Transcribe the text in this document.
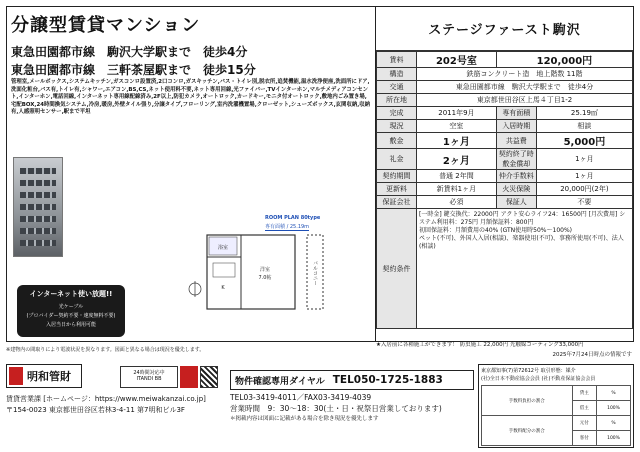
分譲型賃貸マンション
東急田園都市線　駒沢大学駅まで　徒歩4分
東急田園都市線　三軒茶屋駅まで　徒歩15分
管理室,メールボックス,システムキッチン,ガスコンロ設置済,2口コンロ,ガスキッチン,バス・トイレ別,脱衣所,追焚機能,温水洗浄便座,洗面所にドア,洗面化粧台,バス有,トイレ有,シャワー,エアコン,BS,CS,ネット使用料不要,ネット専用回線,光ファイバー,TVインターホン,マルチメディアコンセント,インターホン,電話回線,インターネット専用線配線済み,2F以上,防犯カメラ,オートロック,カードキー,モニタ付オートロック,敷地内ごみ置き場,宅配BOX,24時間換気システム,冷房,暖房,外壁タイル張り,分譲タイプ,フローリング,室内洗濯機置場,クローゼット,シューズボックス,玄関収納,収納有,人感照明センサー,駅まで平坦
インターネット使い放題!!
光ケーブル
(プロバイダー契約不要・速度無料不要)
入居当日から利用可能
ROOM PLAN 80type
専有面積 / 25.19m
洋室
7.0帖
浴室
K
バルコニー
ステージファースト駒沢
賃料	202号室	120,000円	
構造	鉄筋コンクリート造　地上階数 11階		
交通	東急田園都市線　駒沢大学駅まで　徒歩4分		
所在地	東京都世田谷区上馬４丁目1-2		
完成	2011年9月	専有面積	25.19㎡
現況	空室	入居時期	相談
敷金	1ヶ月	共益費	5,000円
礼金	2ヶ月	契約終了時敷金償却	1ヶ月
契約期間	普通 2年間	仲介手数料	1ヶ月
更新料	新賃料1ヶ月	火災保険	20,000円(2年)
保証会社	必須	保証人	不要
契約条件	[一時金] 鍵交換代：22000円 アクト安心ライフ24：16500円 [月次費用] システム利用料：275円 月額保証料：800円
初回保証料：月額費用の40% (GTN使用時50%～100%)
ペット(不可)、外国人入居(相談)、楽器使用(不可)、事務所使用(不可)、法人(相談)		
※建物内の間取りにより電波状況を異なります。図面と異なる場合は現況を優先します。
★入居前に各種施工ができます！ 防虫施工 22,000円 光触媒コーティング33,000円
2025年7月24日時点の情報です
明和管財	24時間対応中
ITANDI BB
賃貸営業課 [ホームページ：https://www.meiwakanzai.co.jp]
〒154-0023 東京都世田谷区若林3-4-11 第7明和ビル3F
物件確認専用ダイヤル TEL050-1725-1883
TEL03-3419-4011／FAX03-3419-4039
営業時間　9：30～18：30(土・日・祝祭日営業しております)
＊掲載内容は図面に記載がある場合を除き現況を優先します
東京都知事(7)第72612号 取引形態：媒介
(社)全日本不動産協会会員 (社)不動産保証協会会員
手数料負担の割合	貸主	%
	借主	100%
手数料配分の割合	元付	%
	客付	100%
